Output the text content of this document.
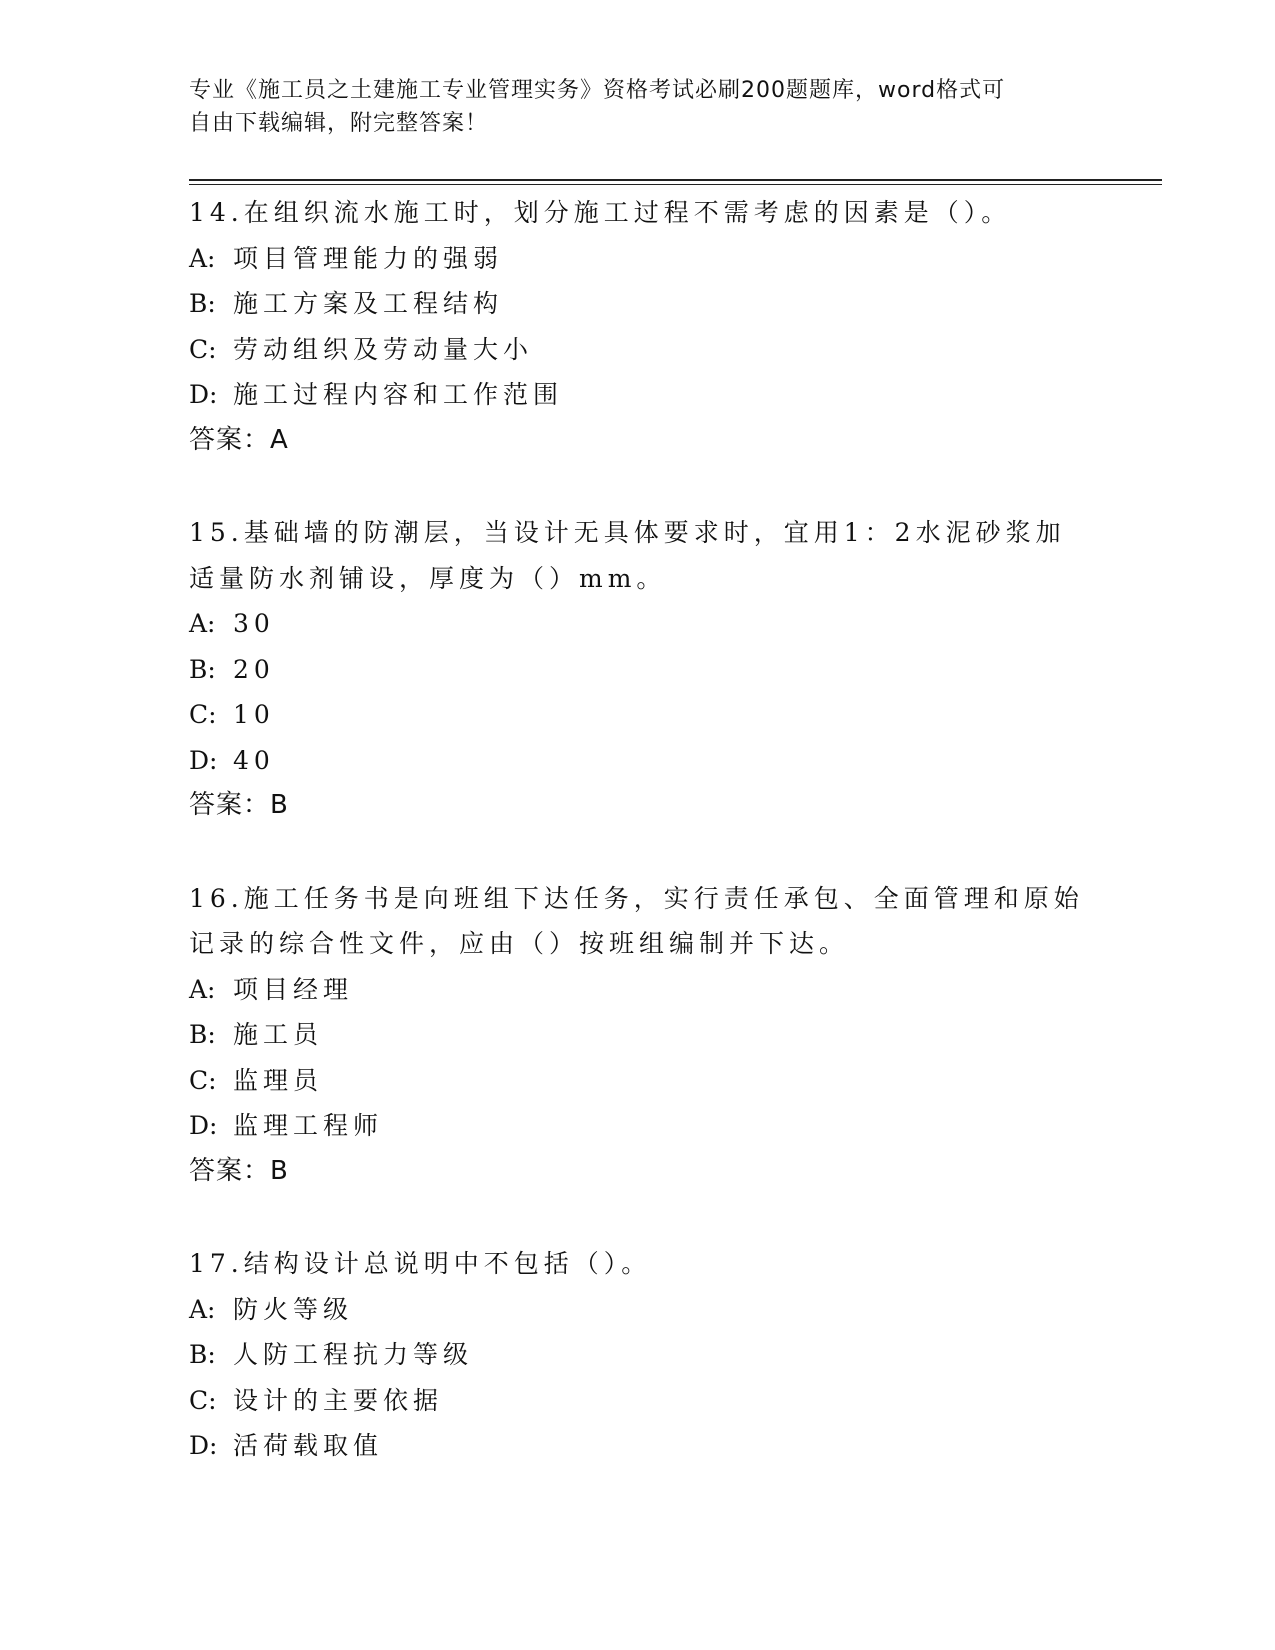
专业《施工员之土建施工专业管理实务》资格考试必刷200题题库，word格式可
自由下载编辑，附完整答案！

14.在组织流水施工时，划分施工过程不需考虑的因素是（）。

A: 项目管理能力的强弱
B: 施工方案及工程结构
C: 劳动组织及劳动量大小
D: 施工过程内容和工作范围

答案：A

15.基础墙的防潮层，当设计无具体要求时，宜用1：2水泥砂浆加适量防水剂铺设，厚度为（）mm。

A: 30
B: 20
C: 10
D: 40

答案：B

16.施工任务书是向班组下达任务，实行责任承包、全面管理和原始记录的综合性文件，应由（）按班组编制并下达。

A: 项目经理
B: 施工员
C: 监理员
D: 监理工程师

答案：B

17.结构设计总说明中不包括（）。

A: 防火等级
B: 人防工程抗力等级
C: 设计的主要依据
D: 活荷载取值
